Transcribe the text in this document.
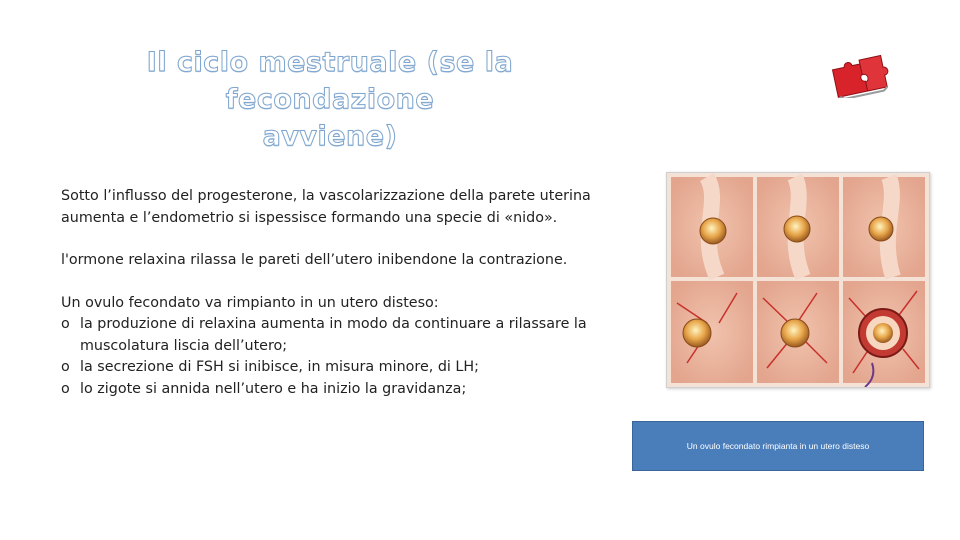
Il ciclo mestruale (se la fecondazione
avviene)

Sotto l’influsso del progesterone, la vascolarizzazione della parete uterina aumenta e l’endometrio si ispessisce formando una specie di «nido».

l'ormone relaxina rilassa le pareti dell’utero inibendone la contrazione.

Un ovulo fecondato va rimpianto in un utero disteso:

o la produzione di relaxina aumenta in modo da continuare a rilassare la muscolatura liscia dell’utero;
o la secrezione di FSH si inibisce, in misura minore, di LH;
o lo zigote si annida nell’utero e ha inizio la gravidanza;
Un ovulo fecondato rimpianta in un utero disteso
